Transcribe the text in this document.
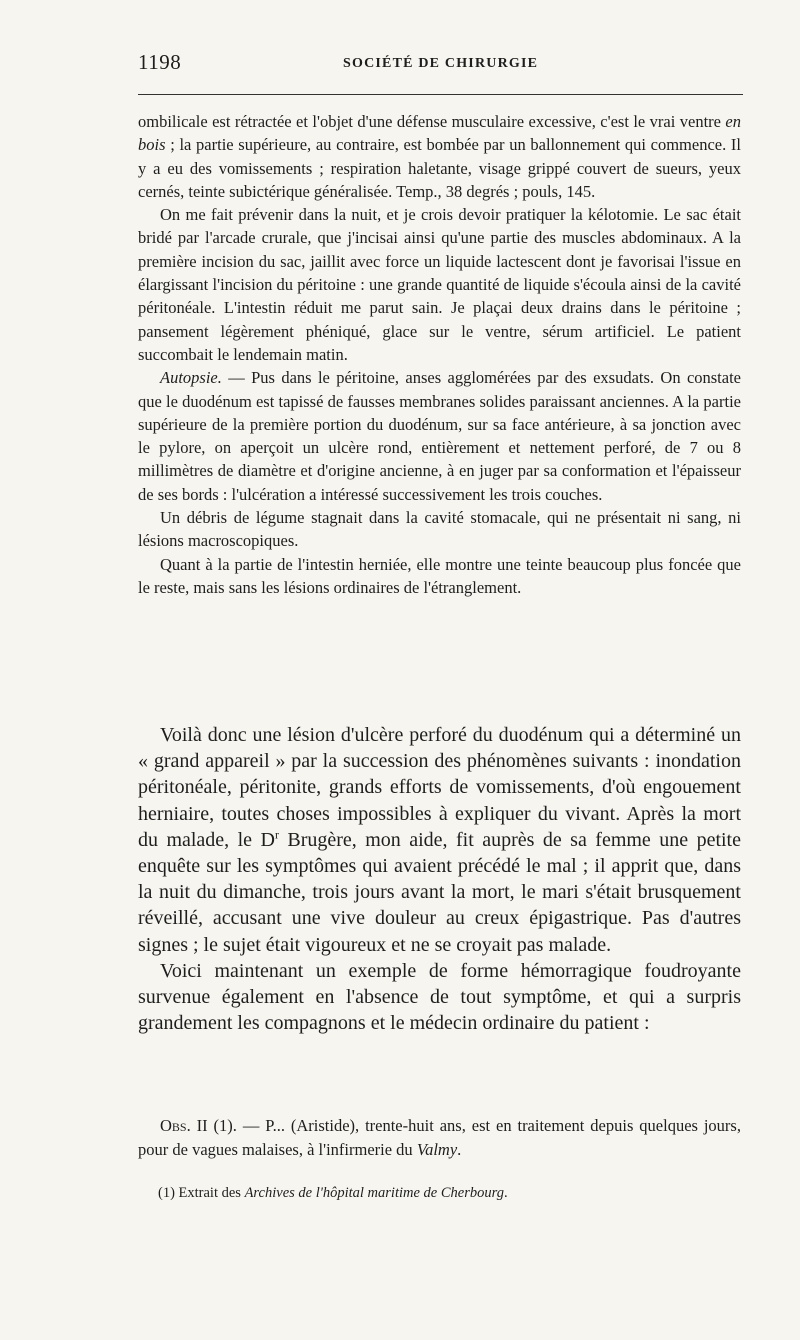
1198	SOCIÉTÉ DE CHIRURGIE

ombilicale est rétractée et l'objet d'une défense musculaire excessive, c'est le vrai ventre en bois ; la partie supérieure, au contraire, est bombée par un ballonnement qui commence. Il y a eu des vomissements ; respiration haletante, visage grippé couvert de sueurs, yeux cernés, teinte subictérique généralisée. Temp., 38 degrés ; pouls, 145.

On me fait prévenir dans la nuit, et je crois devoir pratiquer la kélotomie. Le sac était bridé par l'arcade crurale, que j'incisai ainsi qu'une partie des muscles abdominaux. A la première incision du sac, jaillit avec force un liquide lactescent dont je favorisai l'issue en élargissant l'incision du péritoine : une grande quantité de liquide s'écoula ainsi de la cavité péritonéale. L'intestin réduit me parut sain. Je plaçai deux drains dans le péritoine ; pansement légèrement phéniqué, glace sur le ventre, sérum artificiel. Le patient succombait le lendemain matin.

Autopsie. — Pus dans le péritoine, anses agglomérées par des exsudats. On constate que le duodénum est tapissé de fausses membranes solides paraissant anciennes. A la partie supérieure de la première portion du duodénum, sur sa face antérieure, à sa jonction avec le pylore, on aperçoit un ulcère rond, entièrement et nettement perforé, de 7 ou 8 millimètres de diamètre et d'origine ancienne, à en juger par sa conformation et l'épaisseur de ses bords : l'ulcération a intéressé successivement les trois couches.

Un débris de légume stagnait dans la cavité stomacale, qui ne présentait ni sang, ni lésions macroscopiques.

Quant à la partie de l'intestin herniée, elle montre une teinte beaucoup plus foncée que le reste, mais sans les lésions ordinaires de l'étranglement.

Voilà donc une lésion d'ulcère perforé du duodénum qui a déterminé un « grand appareil » par la succession des phénomènes suivants : inondation péritonéale, péritonite, grands efforts de vomissements, d'où engouement herniaire, toutes choses impossibles à expliquer du vivant. Après la mort du malade, le $D^r$ Brugère, mon aide, fit auprès de sa femme une petite enquête sur les symptômes qui avaient précédé le mal ; il apprit que, dans la nuit du dimanche, trois jours avant la mort, le mari s'était brusquement réveillé, accusant une vive douleur au creux épigastrique. Pas d'autres signes ; le sujet était vigoureux et ne se croyait pas malade.

Voici maintenant un exemple de forme hémorragique foudroyante survenue également en l'absence de tout symptôme, et qui a surpris grandement les compagnons et le médecin ordinaire du patient :

Obs. II (1). — P... (Aristide), trente-huit ans, est en traitement depuis quelques jours, pour de vagues malaises, à l'infirmerie du Valmy.

(1) Extrait des Archives de l'hôpital maritime de Cherbourg.
